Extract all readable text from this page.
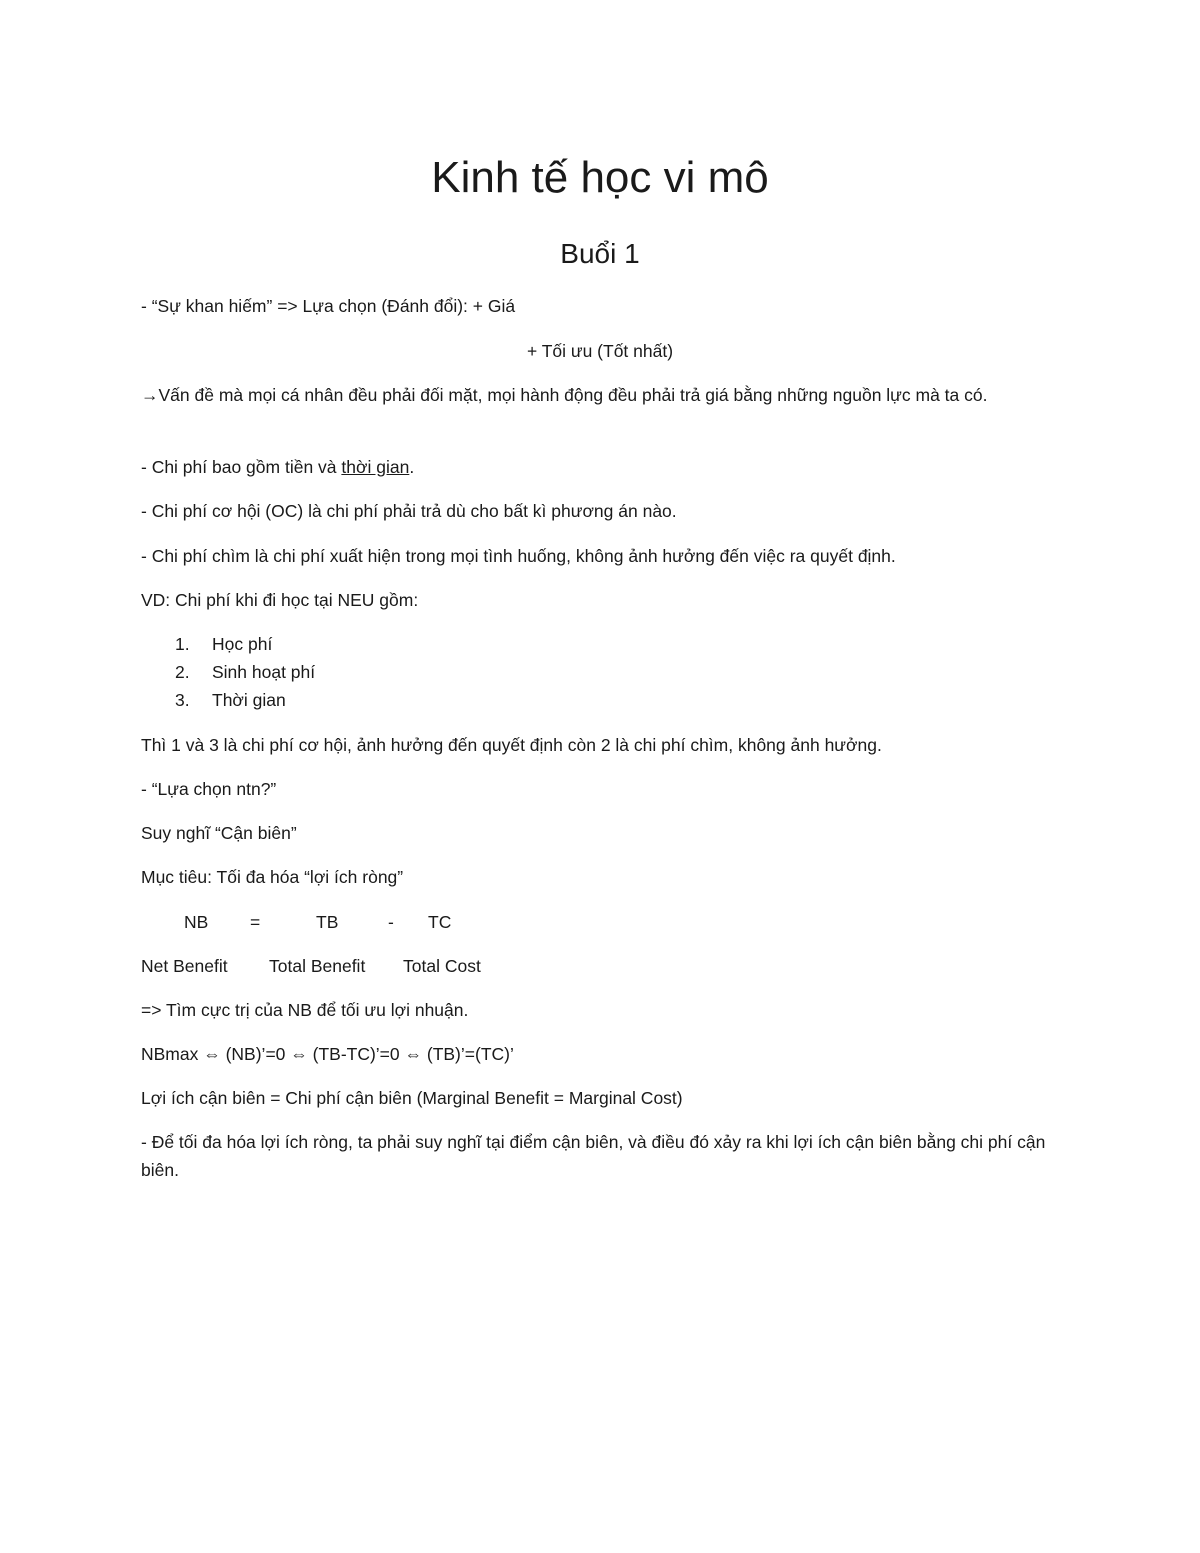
Kinh tế học vi mô
Buổi 1
- “Sự khan hiếm” => Lựa chọn (Đánh đổi): + Giá
+ Tối ưu (Tốt nhất)
→Vấn đề mà mọi cá nhân đều phải đối mặt, mọi hành động đều phải trả giá bằng những nguồn lực mà ta có.
- Chi phí bao gồm tiền và thời gian.
- Chi phí cơ hội (OC) là chi phí phải trả dù cho bất kì phương án nào.
- Chi phí chìm là chi phí xuất hiện trong mọi tình huống, không ảnh hưởng đến việc ra quyết định.
VD: Chi phí khi đi học tại NEU gồm:
1. Học phí
2. Sinh hoạt phí
3. Thời gian
Thì 1 và 3 là chi phí cơ hội, ảnh hưởng đến quyết định còn 2 là chi phí chìm, không ảnh hưởng.
- “Lựa chọn ntn?”
Suy nghĩ “Cận biên”
Mục tiêu: Tối đa hóa “lợi ích ròng”
NB =	TB	- TC
Net Benefit Total Benefit Total Cost
=> Tìm cực trị của NB để tối ưu lợi nhuận.
NBmax ⇔ (NB)’=0 ⇔ (TB-TC)’=0 ⇔ (TB)’=(TC)’
Lợi ích cận biên = Chi phí cận biên (Marginal Benefit = Marginal Cost)
- Để tối đa hóa lợi ích ròng, ta phải suy nghĩ tại điểm cận biên, và điều đó xảy ra khi lợi ích cận biên bằng chi phí cận biên.
